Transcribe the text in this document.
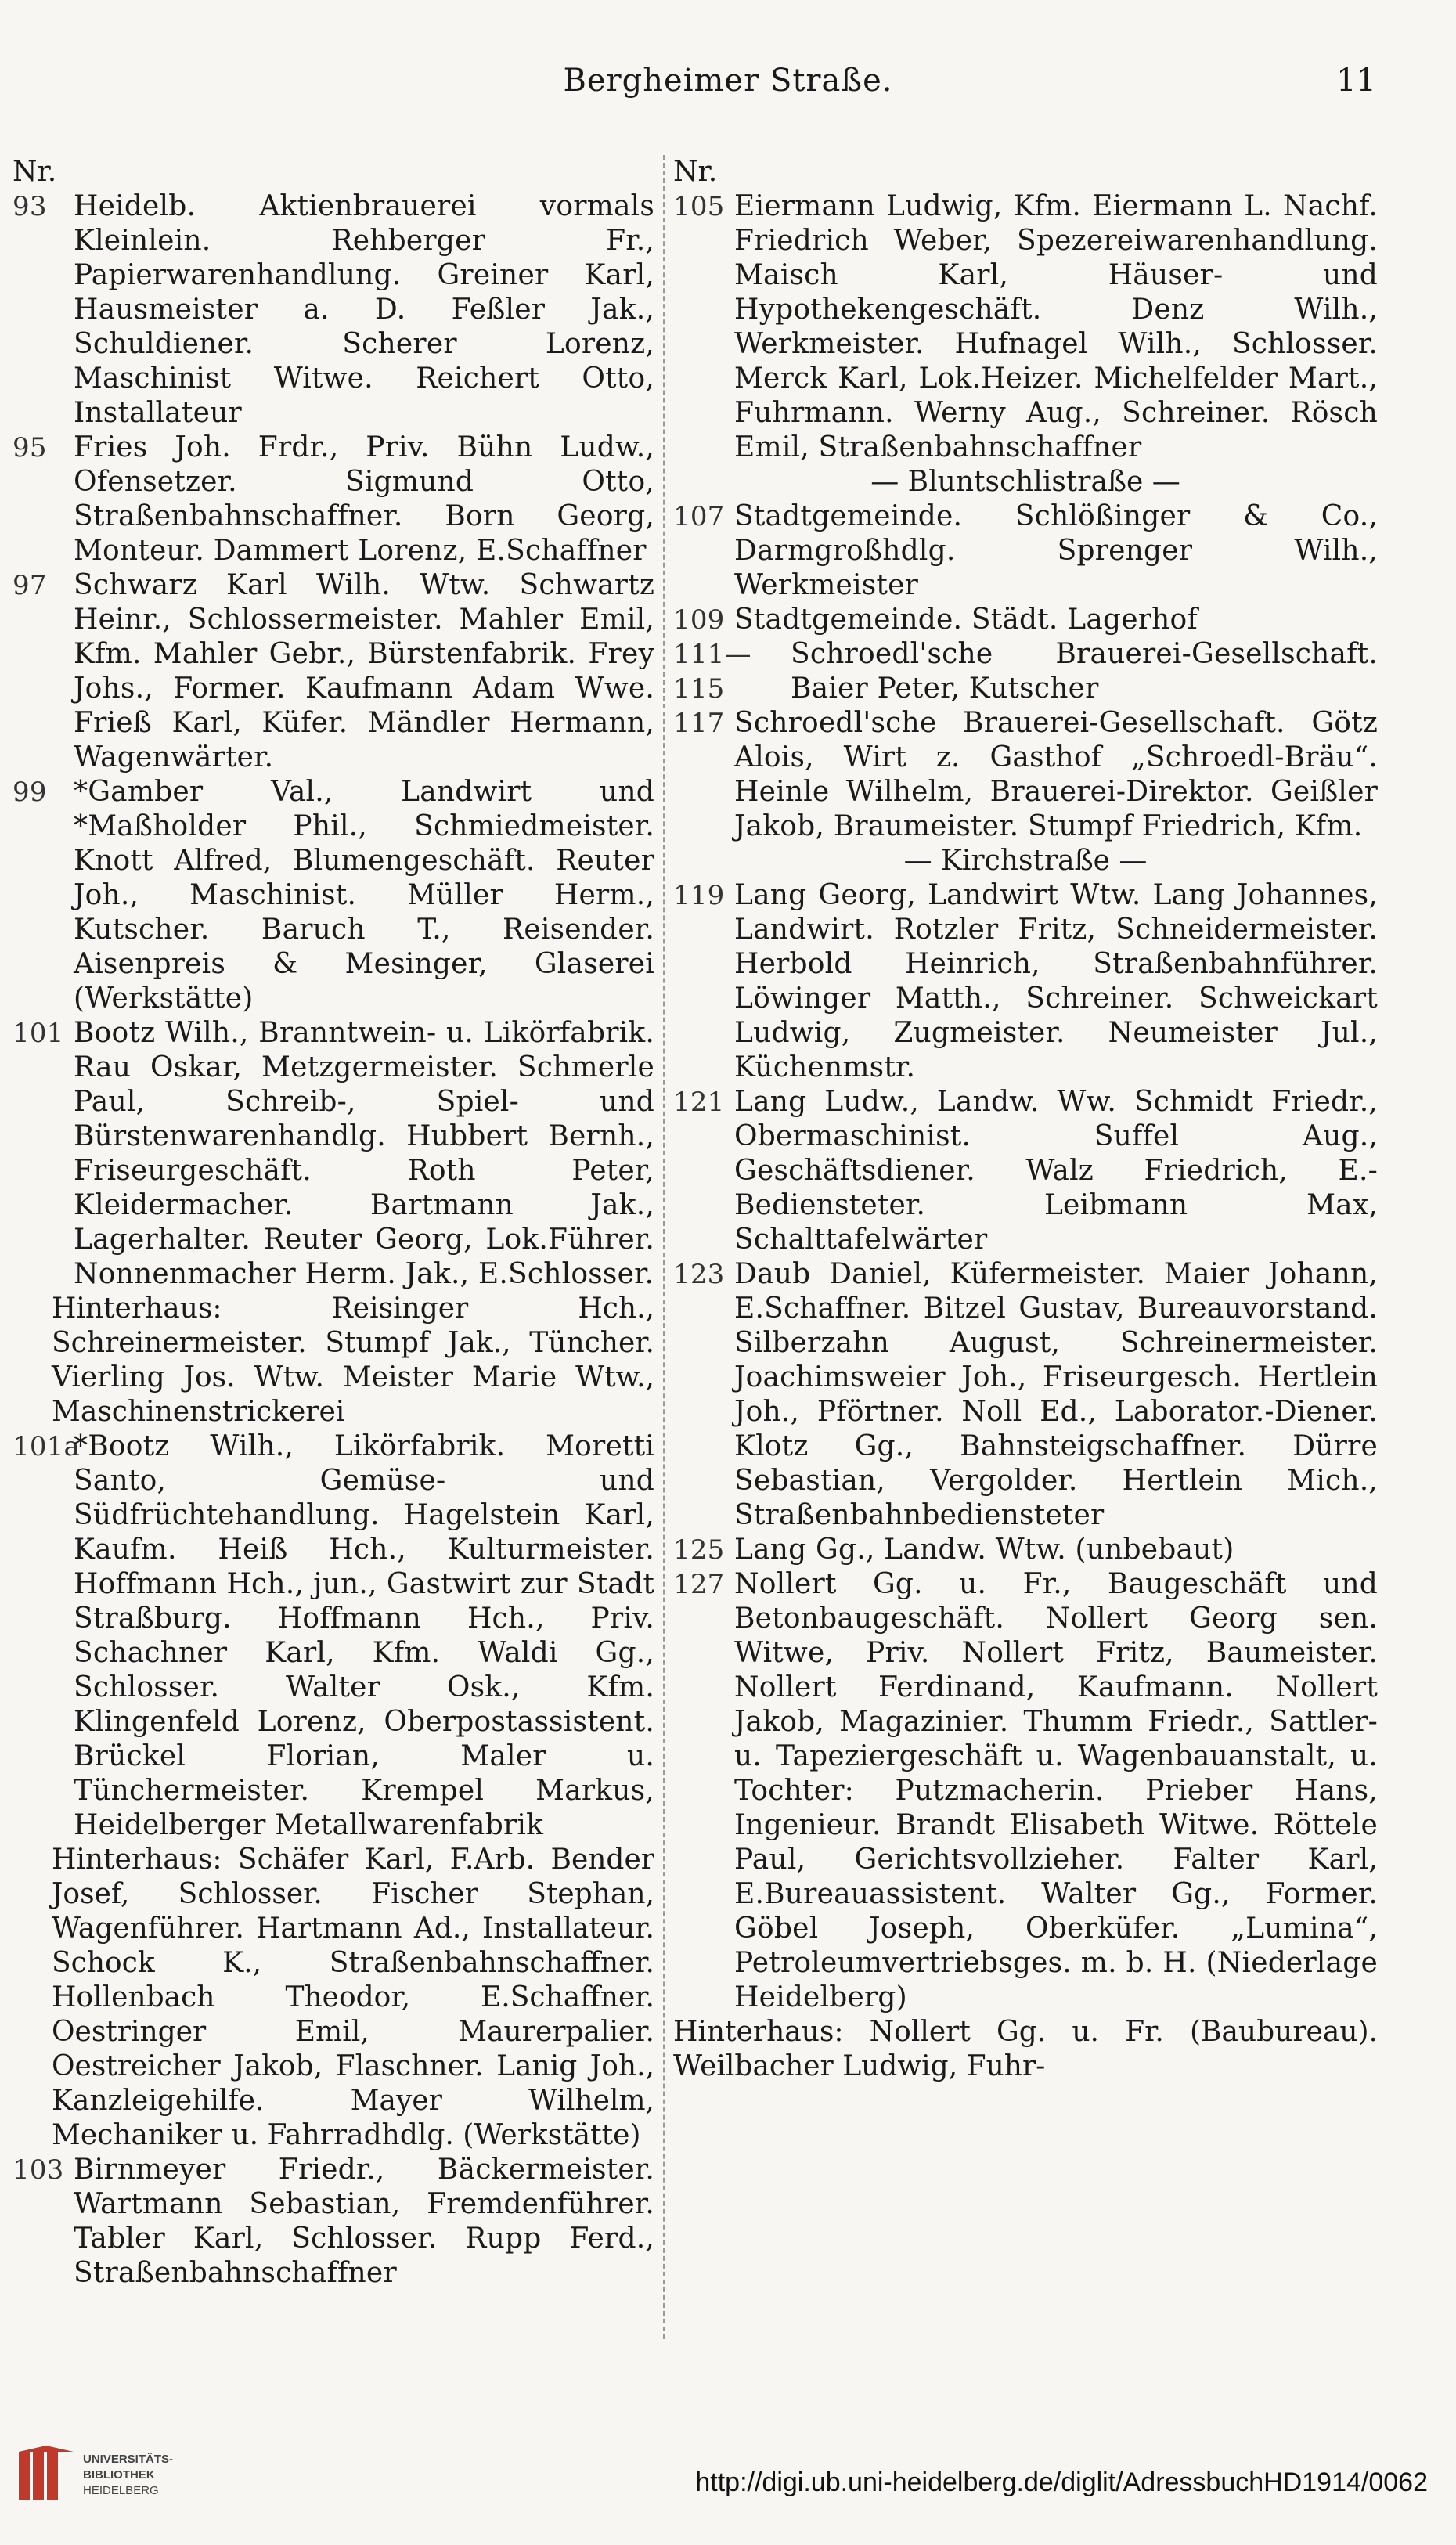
Bergheimer Straße.	11
Nr.
93 Heidelb. Aktienbrauerei vormals Kleinlein. Rehberger Fr., Papierwarenhandlung. Greiner Karl, Hausmeister a. D. Feßler Jak., Schuldiener. Scherer Lorenz, Maschinist Witwe. Reichert Otto, Installateur
95 Fries Joh. Frdr., Priv. Bühn Ludw., Ofensetzer. Sigmund Otto, Straßenbahnschaffner. Born Georg, Monteur. Dammert Lorenz, E.Schaffner
97 Schwarz Karl Wilh. Wtw. Schwartz Heinr., Schlossermeister. Mahler Emil, Kfm. Mahler Gebr., Bürstenfabrik. Frey Johs., Former. Kaufmann Adam Wwe. Frieß Karl, Küfer. Mändler Hermann, Wagenwärter.
99 *Gamber Val., Landwirt und *Maßholder Phil., Schmiedmeister. Knott Alfred, Blumengeschäft. Reuter Joh., Maschinist. Müller Herm., Kutscher. Baruch T., Reisender. Aisenpreis & Mesinger, Glaserei (Werkstätte)
101 Bootz Wilh., Branntwein- u. Likörfabrik. Rau Oskar, Metzgermeister. Schmerle Paul, Schreib-, Spiel- und Bürstenwarenhandlg. Hubbert Bernh., Friseurgeschäft. Roth Peter, Kleidermacher. Bartmann Jak., Lagerhalter. Reuter Georg, Lok.Führer. Nonnenmacher Herm. Jak., E.Schlosser.
Hinterhaus: Reisinger Hch., Schreinermeister. Stumpf Jak., Tüncher. Vierling Jos. Wtw. Meister Marie Wtw., Maschinenstrickerei
101a
*Bootz Wilh., Likörfabrik. Moretti Santo, Gemüse- und Südfrüchtehandlung. Hagelstein Karl, Kaufm. Heiß Hch., Kulturmeister. Hoffmann Hch., jun., Gastwirt zur Stadt Straßburg. Hoffmann Hch., Priv. Schachner Karl, Kfm. Waldi Gg., Schlosser. Walter Osk., Kfm. Klingenfeld Lorenz, Oberpostassistent. Brückel Florian, Maler u. Tünchermeister. Krempel Markus, Heidelberger Metallwarenfabrik
Hinterhaus: Schäfer Karl, F.Arb. Bender Josef, Schlosser. Fischer Stephan, Wagenführer. Hartmann Ad., Installateur. Schock K., Straßenbahnschaffner. Hollenbach Theodor, E.Schaffner. Oestringer Emil, Maurerpalier. Oestreicher Jakob, Flaschner. Lanig Joh., Kanzleigehilfe. Mayer Wilhelm, Mechaniker u. Fahrradhdlg. (Werkstätte)
103 Birnmeyer Friedr., Bäckermeister. Wartmann Sebastian, Fremdenführer. Tabler Karl, Schlosser. Rupp Ferd., Straßenbahnschaffner
Nr.
105 Eiermann Ludwig, Kfm. Eiermann L. Nachf. Friedrich Weber, Spezereiwarenhandlung. Maisch Karl, Häuser- und Hypothekengeschäft. Denz Wilh., Werkmeister. Hufnagel Wilh., Schlosser. Merck Karl, Lok.Heizer. Michelfelder Mart., Fuhrmann. Werny Aug., Schreiner. Rösch Emil, Straßenbahnschaffner
— Bluntschlistraße —
107 Stadtgemeinde. Schlößinger & Co., Darmgroßhdlg. Sprenger Wilh., Werkmeister
109 Stadtgemeinde. Städt. Lagerhof
111—115
Schroedl'sche Brauerei-Gesellschaft. Baier Peter, Kutscher
117 Schroedl'sche Brauerei-Gesellschaft. Götz Alois, Wirt z. Gasthof „Schroedl-Bräu“. Heinle Wilhelm, Brauerei-Direktor. Geißler Jakob, Braumeister. Stumpf Friedrich, Kfm.
— Kirchstraße —
119 Lang Georg, Landwirt Wtw. Lang Johannes, Landwirt. Rotzler Fritz, Schneidermeister. Herbold Heinrich, Straßenbahnführer. Löwinger Matth., Schreiner. Schweickart Ludwig, Zugmeister. Neumeister Jul., Küchenmstr.
121 Lang Ludw., Landw. Ww. Schmidt Friedr., Obermaschinist. Suffel Aug., Geschäftsdiener. Walz Friedrich, E.-Bediensteter. Leibmann Max, Schalttafelwärter
123 Daub Daniel, Küfermeister. Maier Johann, E.Schaffner. Bitzel Gustav, Bureauvorstand. Silberzahn August, Schreinermeister. Joachimsweier Joh., Friseurgesch. Hertlein Joh., Pförtner. Noll Ed., Laborator.-Diener. Klotz Gg., Bahnsteigschaffner. Dürre Sebastian, Vergolder. Hertlein Mich., Straßenbahnbediensteter
125 Lang Gg., Landw. Wtw. (unbebaut)
127 Nollert Gg. u. Fr., Baugeschäft und Betonbaugeschäft. Nollert Georg sen. Witwe, Priv. Nollert Fritz, Baumeister. Nollert Ferdinand, Kaufmann. Nollert Jakob, Magazinier. Thumm Friedr., Sattler- u. Tapeziergeschäft u. Wagenbauanstalt, u. Tochter: Putzmacherin. Prieber Hans, Ingenieur. Brandt Elisabeth Witwe. Röttele Paul, Gerichtsvollzieher. Falter Karl, E.Bureauassistent. Walter Gg., Former. Göbel Joseph, Oberküfer. „Lumina“, Petroleumvertriebsges. m. b. H. (Niederlage Heidelberg)
Hinterhaus: Nollert Gg. u. Fr. (Baubureau). Weilbacher Ludwig, Fuhr-
UNIVERSITÄTS-
BIBLIOTHEK
HEIDELBERG	http://digi.ub.uni-heidelberg.de/diglit/AdressbuchHD1914/0062
